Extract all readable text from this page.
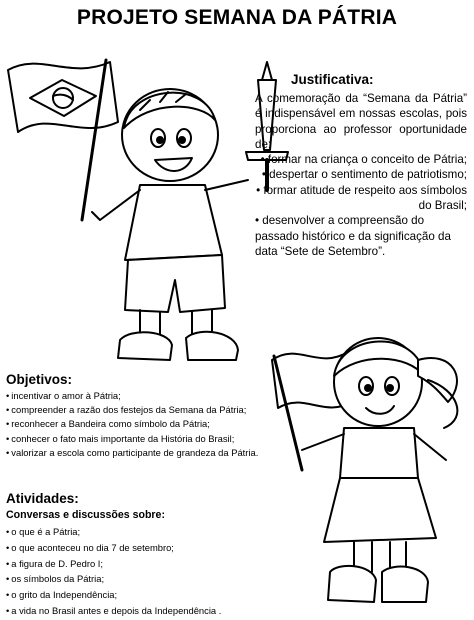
PROJETO SEMANA DA PÁTRIA
Justificativa:

A comemoração da “Semana da Pátria” é indispensável em nossas escolas, pois proporciona ao professor oportunidade de:

• formar na criança o conceito de Pátria;
• despertar o sentimento de patriotismo;
• formar atitude de respeito aos símbolos do Brasil;
• desenvolver a compreensão do passado histórico e da significação da data “Sete de Setembro”.
Objetivos:
• incentivar o amor à Pátria;
• compreender a razão dos festejos da Semana da Pátria;
• reconhecer a Bandeira como símbolo da Pátria;
• conhecer o fato mais importante da História do Brasil;
• valorizar a escola como participante de grandeza da Pátria.
Atividades:
Conversas e discussões sobre:
• o que é a Pátria;
• o que aconteceu no dia 7 de setembro;
• a figura de D. Pedro I;
• os símbolos da Pátria;
• o grito da Independência;
• a vida no Brasil antes e depois da Independência .
